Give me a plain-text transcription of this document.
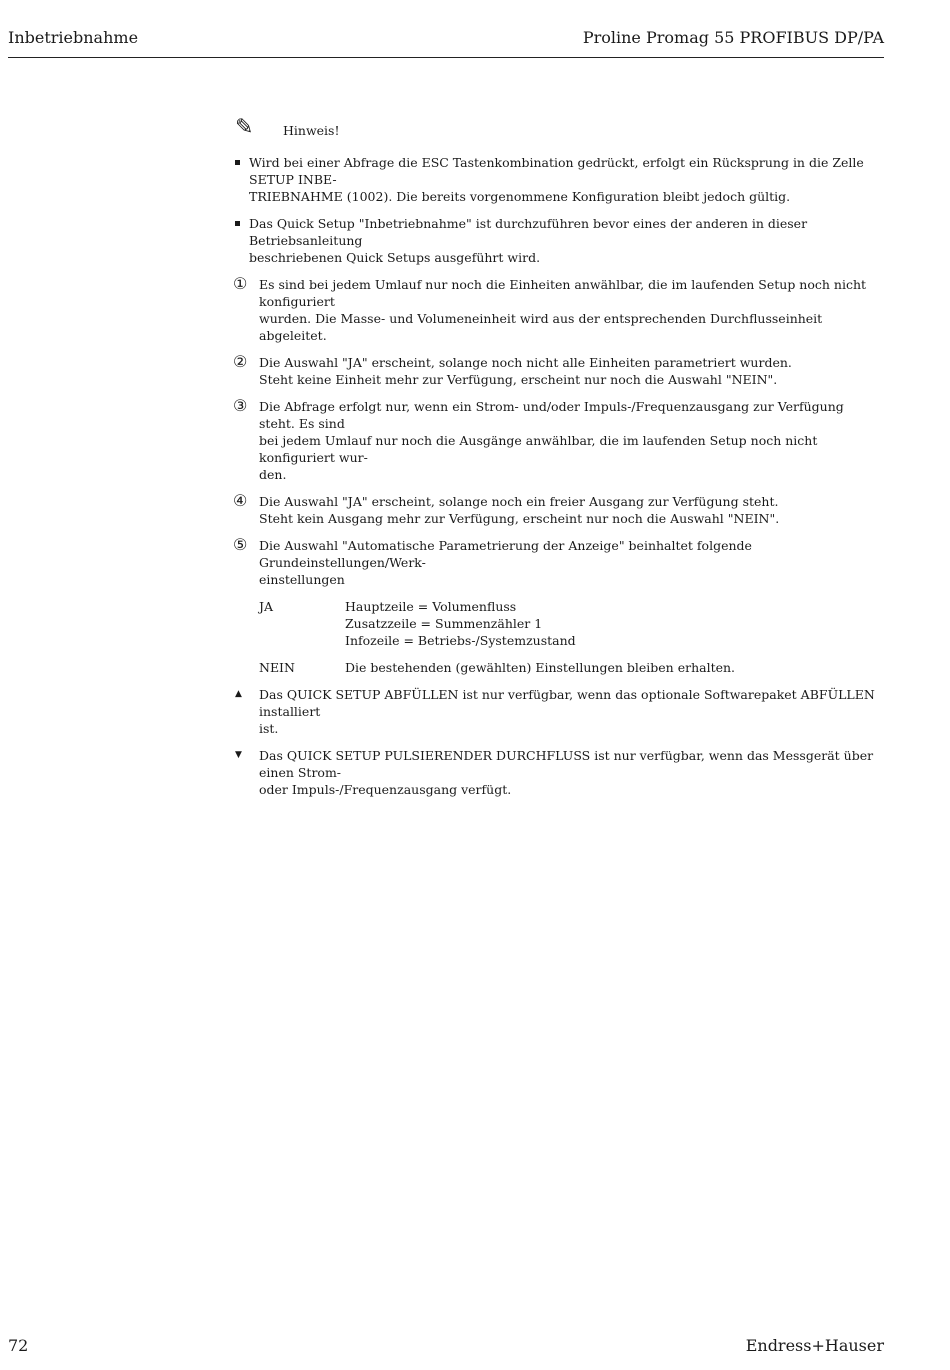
Inbetriebnahme	Proline Promag 55 PROFIBUS DP/PA
✎ Hinweis!
Wird bei einer Abfrage die ESC Tastenkombination gedrückt, erfolgt ein Rücksprung in die Zelle SETUP INBE-
TRIEBNAHME (1002). Die bereits vorgenommene Konfiguration bleibt jedoch gültig.
Das Quick Setup "Inbetriebnahme" ist durchzuführen bevor eines der anderen in dieser Betriebsanleitung
beschriebenen Quick Setups ausgeführt wird.
① Es sind bei jedem Umlauf nur noch die Einheiten anwählbar, die im laufenden Setup noch nicht konfiguriert
wurden. Die Masse- und Volumeneinheit wird aus der entsprechenden Durchflusseinheit abgeleitet.
② Die Auswahl "JA" erscheint, solange noch nicht alle Einheiten parametriert wurden.
Steht keine Einheit mehr zur Verfügung, erscheint nur noch die Auswahl "NEIN".
③ Die Abfrage erfolgt nur, wenn ein Strom- und/oder Impuls-/Frequenzausgang zur Verfügung steht. Es sind
bei jedem Umlauf nur noch die Ausgänge anwählbar, die im laufenden Setup noch nicht konfiguriert wur-
den.
④ Die Auswahl "JA" erscheint, solange noch ein freier Ausgang zur Verfügung steht.
Steht kein Ausgang mehr zur Verfügung, erscheint nur noch die Auswahl "NEIN".
⑤ Die Auswahl "Automatische Parametrierung der Anzeige" beinhaltet folgende Grundeinstellungen/Werk-
einstellungen
JA	Hauptzeile = Volumenfluss
Zusatzzeile = Summenzähler 1
Infozeile = Betriebs-/Systemzustand
NEIN	Die bestehenden (gewählten) Einstellungen bleiben erhalten.
▲ Das QUICK SETUP ABFÜLLEN ist nur verfügbar, wenn das optionale Softwarepaket ABFÜLLEN installiert
ist.
▼ Das QUICK SETUP PULSIERENDER DURCHFLUSS ist nur verfügbar, wenn das Messgerät über einen Strom-
oder Impuls-/Frequenzausgang verfügt.
72	Endress+Hauser
